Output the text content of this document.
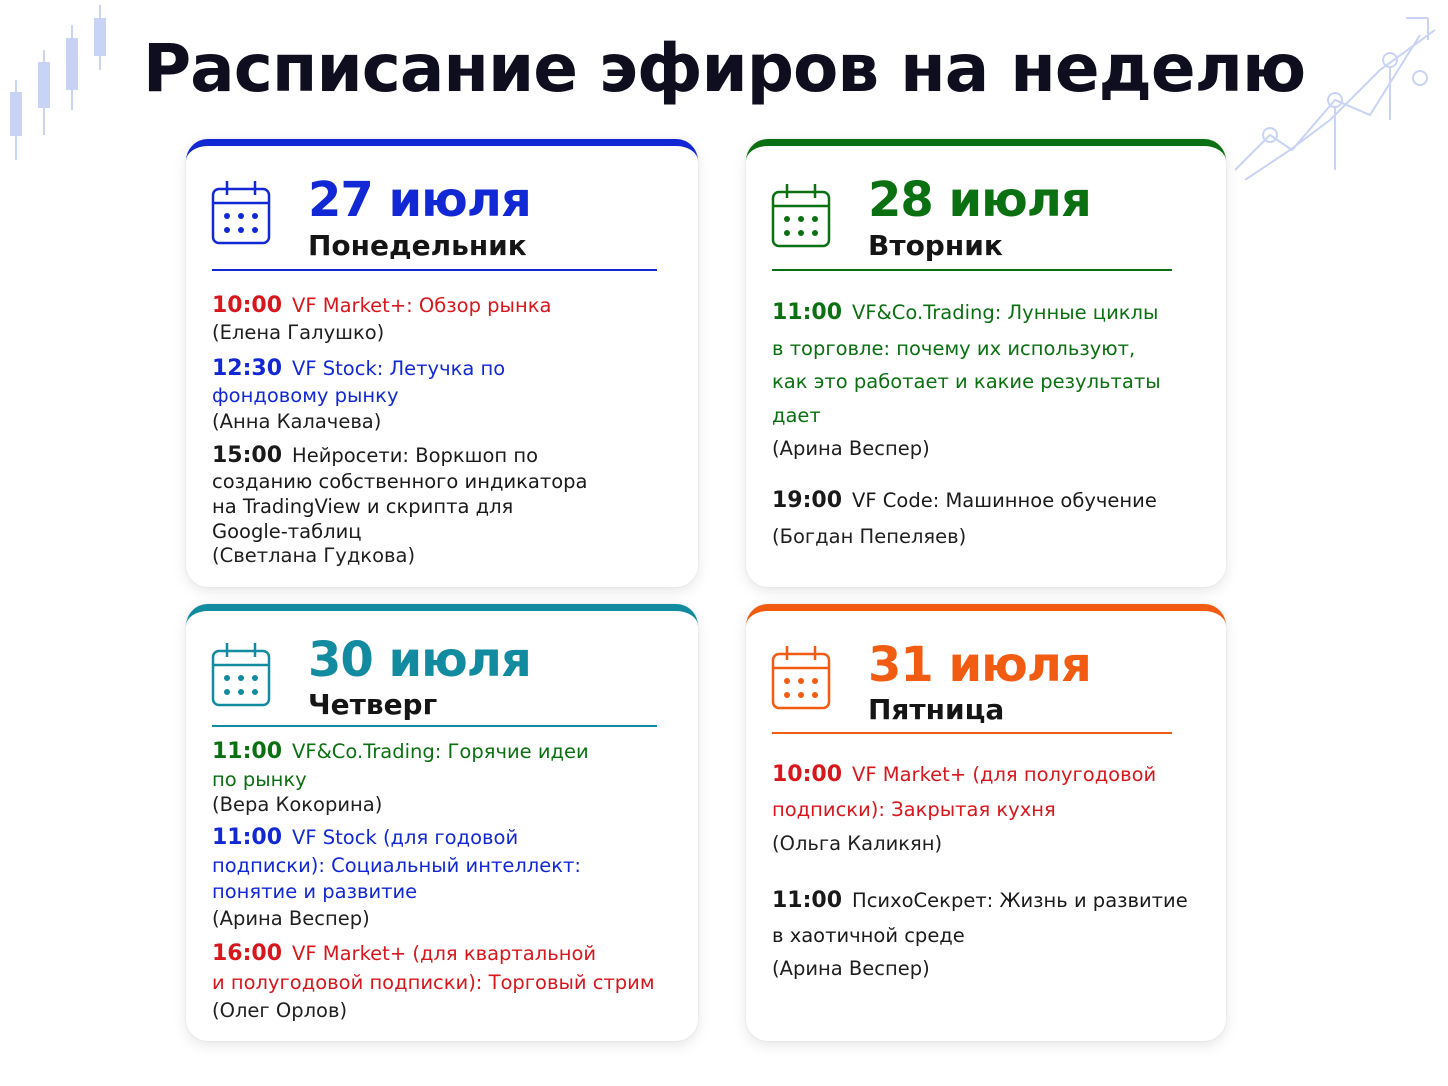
Расписание эфиров на неделю
27 июля
Понедельник
10:00 VF Market+: Обзор рынка
(Елена Галушко)
12:30 VF Stock: Летучка по
фондовому рынку
(Анна Калачева)
15:00 Нейросети: Воркшоп по
созданию собственного индикатора
на TradingView и скрипта для
Google-таблиц
(Светлана Гудкова)
28 июля
Вторник
11:00 VF&Co.Trading: Лунные циклы
в торговле: почему их используют,
как это работает и какие результаты
дает
(Арина Веспер)
19:00 VF Code: Машинное обучение
(Богдан Пепеляев)
30 июля
Четверг
11:00 VF&Co.Trading: Горячие идеи
по рынку
(Вера Кокорина)
11:00 VF Stock (для годовой
подписки): Социальный интеллект:
понятие и развитие
(Арина Веспер)
16:00 VF Market+ (для квартальной
и полугодовой подписки): Торговый стрим
(Олег Орлов)
31 июля
Пятница
10:00 VF Market+ (для полугодовой
подписки): Закрытая кухня
(Ольга Каликян)
11:00 ПсихоСекрет: Жизнь и развитие
в хаотичной среде
(Арина Веспер)
